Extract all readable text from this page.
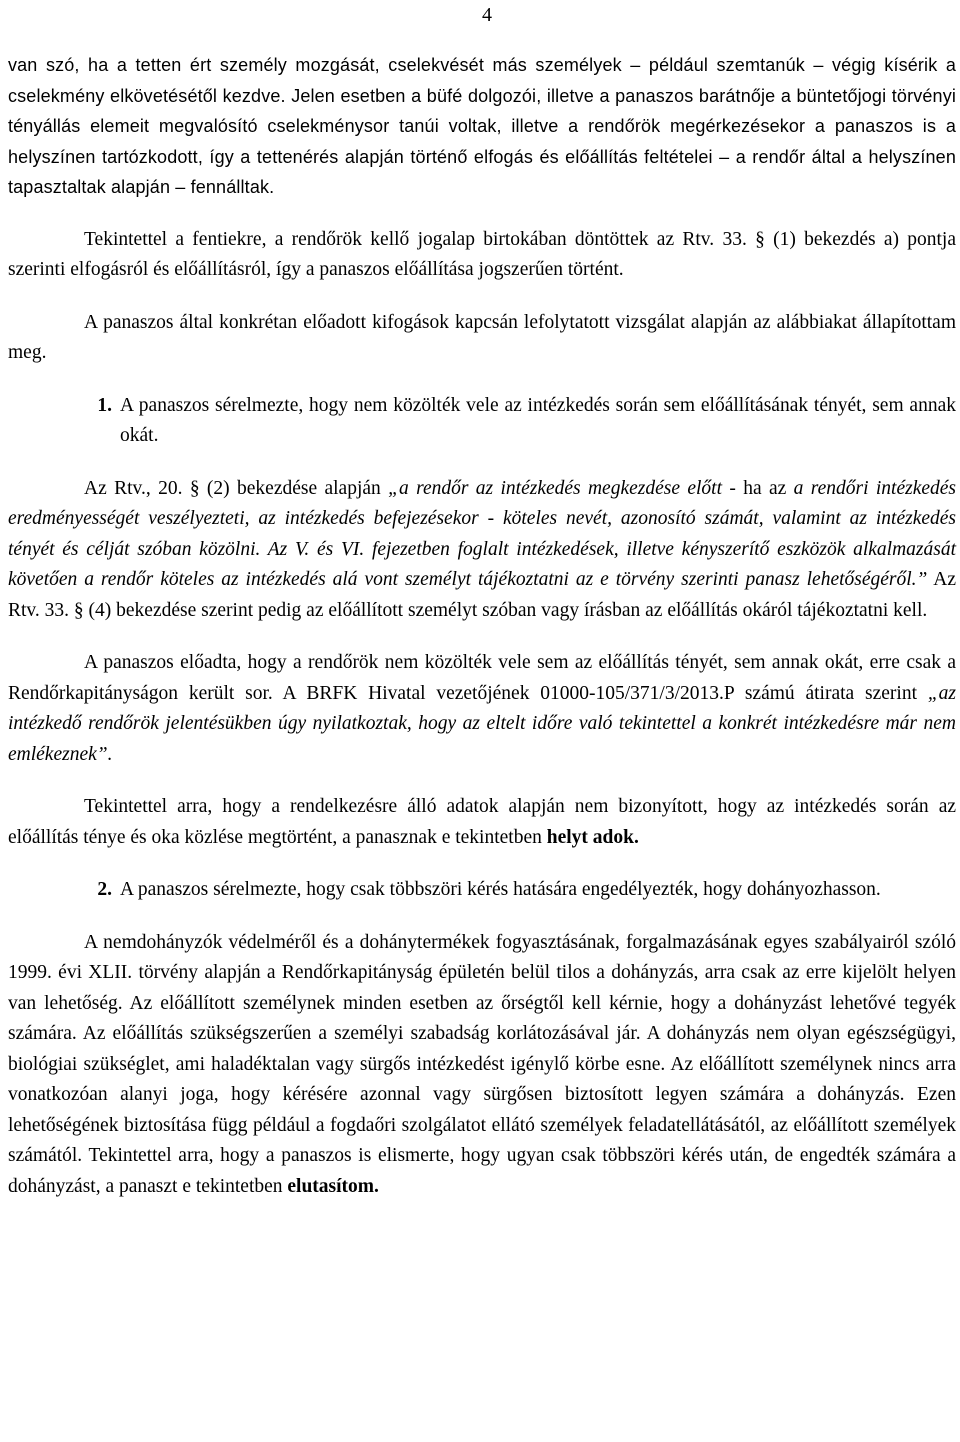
4

van szó, ha a tetten ért személy mozgását, cselekvését más személyek – például szemtanúk – végig kísérik a cselekmény elkövetésétől kezdve. Jelen esetben a büfé dolgozói, illetve a panaszos barátnője a büntetőjogi törvényi tényállás elemeit megvalósító cselekménysor tanúi voltak, illetve a rendőrök megérkezésekor a panaszos is a helyszínen tartózkodott, így a tettenérés alapján történő elfogás és előállítás feltételei – a rendőr által a helyszínen tapasztaltak alapján – fennálltak.

Tekintettel a fentiekre, a rendőrök kellő jogalap birtokában döntöttek az Rtv. 33. § (1) bekezdés a) pontja szerinti elfogásról és előállításról, így a panaszos előállítása jogszerűen történt.

A panaszos által konkrétan előadott kifogások kapcsán lefolytatott vizsgálat alapján az alábbiakat állapítottam meg.

1. A panaszos sérelmezte, hogy nem közölték vele az intézkedés során sem előállításának tényét, sem annak okát.

Az Rtv., 20. § (2) bekezdése alapján „a rendőr az intézkedés megkezdése előtt - ha az a rendőri intézkedés eredményességét veszélyezteti, az intézkedés befejezésekor - köteles nevét, azonosító számát, valamint az intézkedés tényét és célját szóban közölni. Az V. és VI. fejezetben foglalt intézkedések, illetve kényszerítő eszközök alkalmazását követően a rendőr köteles az intézkedés alá vont személyt tájékoztatni az e törvény szerinti panasz lehetőségéről.” Az Rtv. 33. § (4) bekezdése szerint pedig az előállított személyt szóban vagy írásban az előállítás okáról tájékoztatni kell.

A panaszos előadta, hogy a rendőrök nem közölték vele sem az előállítás tényét, sem annak okát, erre csak a Rendőrkapitányságon került sor. A BRFK Hivatal vezetőjének 01000-105/371/3/2013.P számú átirata szerint „az intézkedő rendőrök jelentésükben úgy nyilatkoztak, hogy az eltelt időre való tekintettel a konkrét intézkedésre már nem emlékeznek”.

Tekintettel arra, hogy a rendelkezésre álló adatok alapján nem bizonyított, hogy az intézkedés során az előállítás ténye és oka közlése megtörtént, a panasznak e tekintetben helyt adok.

2. A panaszos sérelmezte, hogy csak többszöri kérés hatására engedélyezték, hogy dohányozhasson.

A nemdohányzók védelméről és a dohánytermékek fogyasztásának, forgalmazásának egyes szabályairól szóló 1999. évi XLII. törvény alapján a Rendőrkapitányság épületén belül tilos a dohányzás, arra csak az erre kijelölt helyen van lehetőség. Az előállított személynek minden esetben az őrségtől kell kérnie, hogy a dohányzást lehetővé tegyék számára. Az előállítás szükségszerűen a személyi szabadság korlátozásával jár. A dohányzás nem olyan egészségügyi, biológiai szükséglet, ami haladéktalan vagy sürgős intézkedést igénylő körbe esne. Az előállított személynek nincs arra vonatkozóan alanyi joga, hogy kérésére azonnal vagy sürgősen biztosított legyen számára a dohányzás. Ezen lehetőségének biztosítása függ például a fogdaőri szolgálatot ellátó személyek feladatellátásától, az előállított személyek számától. Tekintettel arra, hogy a panaszos is elismerte, hogy ugyan csak többszöri kérés után, de engedték számára a dohányzást, a panaszt e tekintetben elutasítom.
